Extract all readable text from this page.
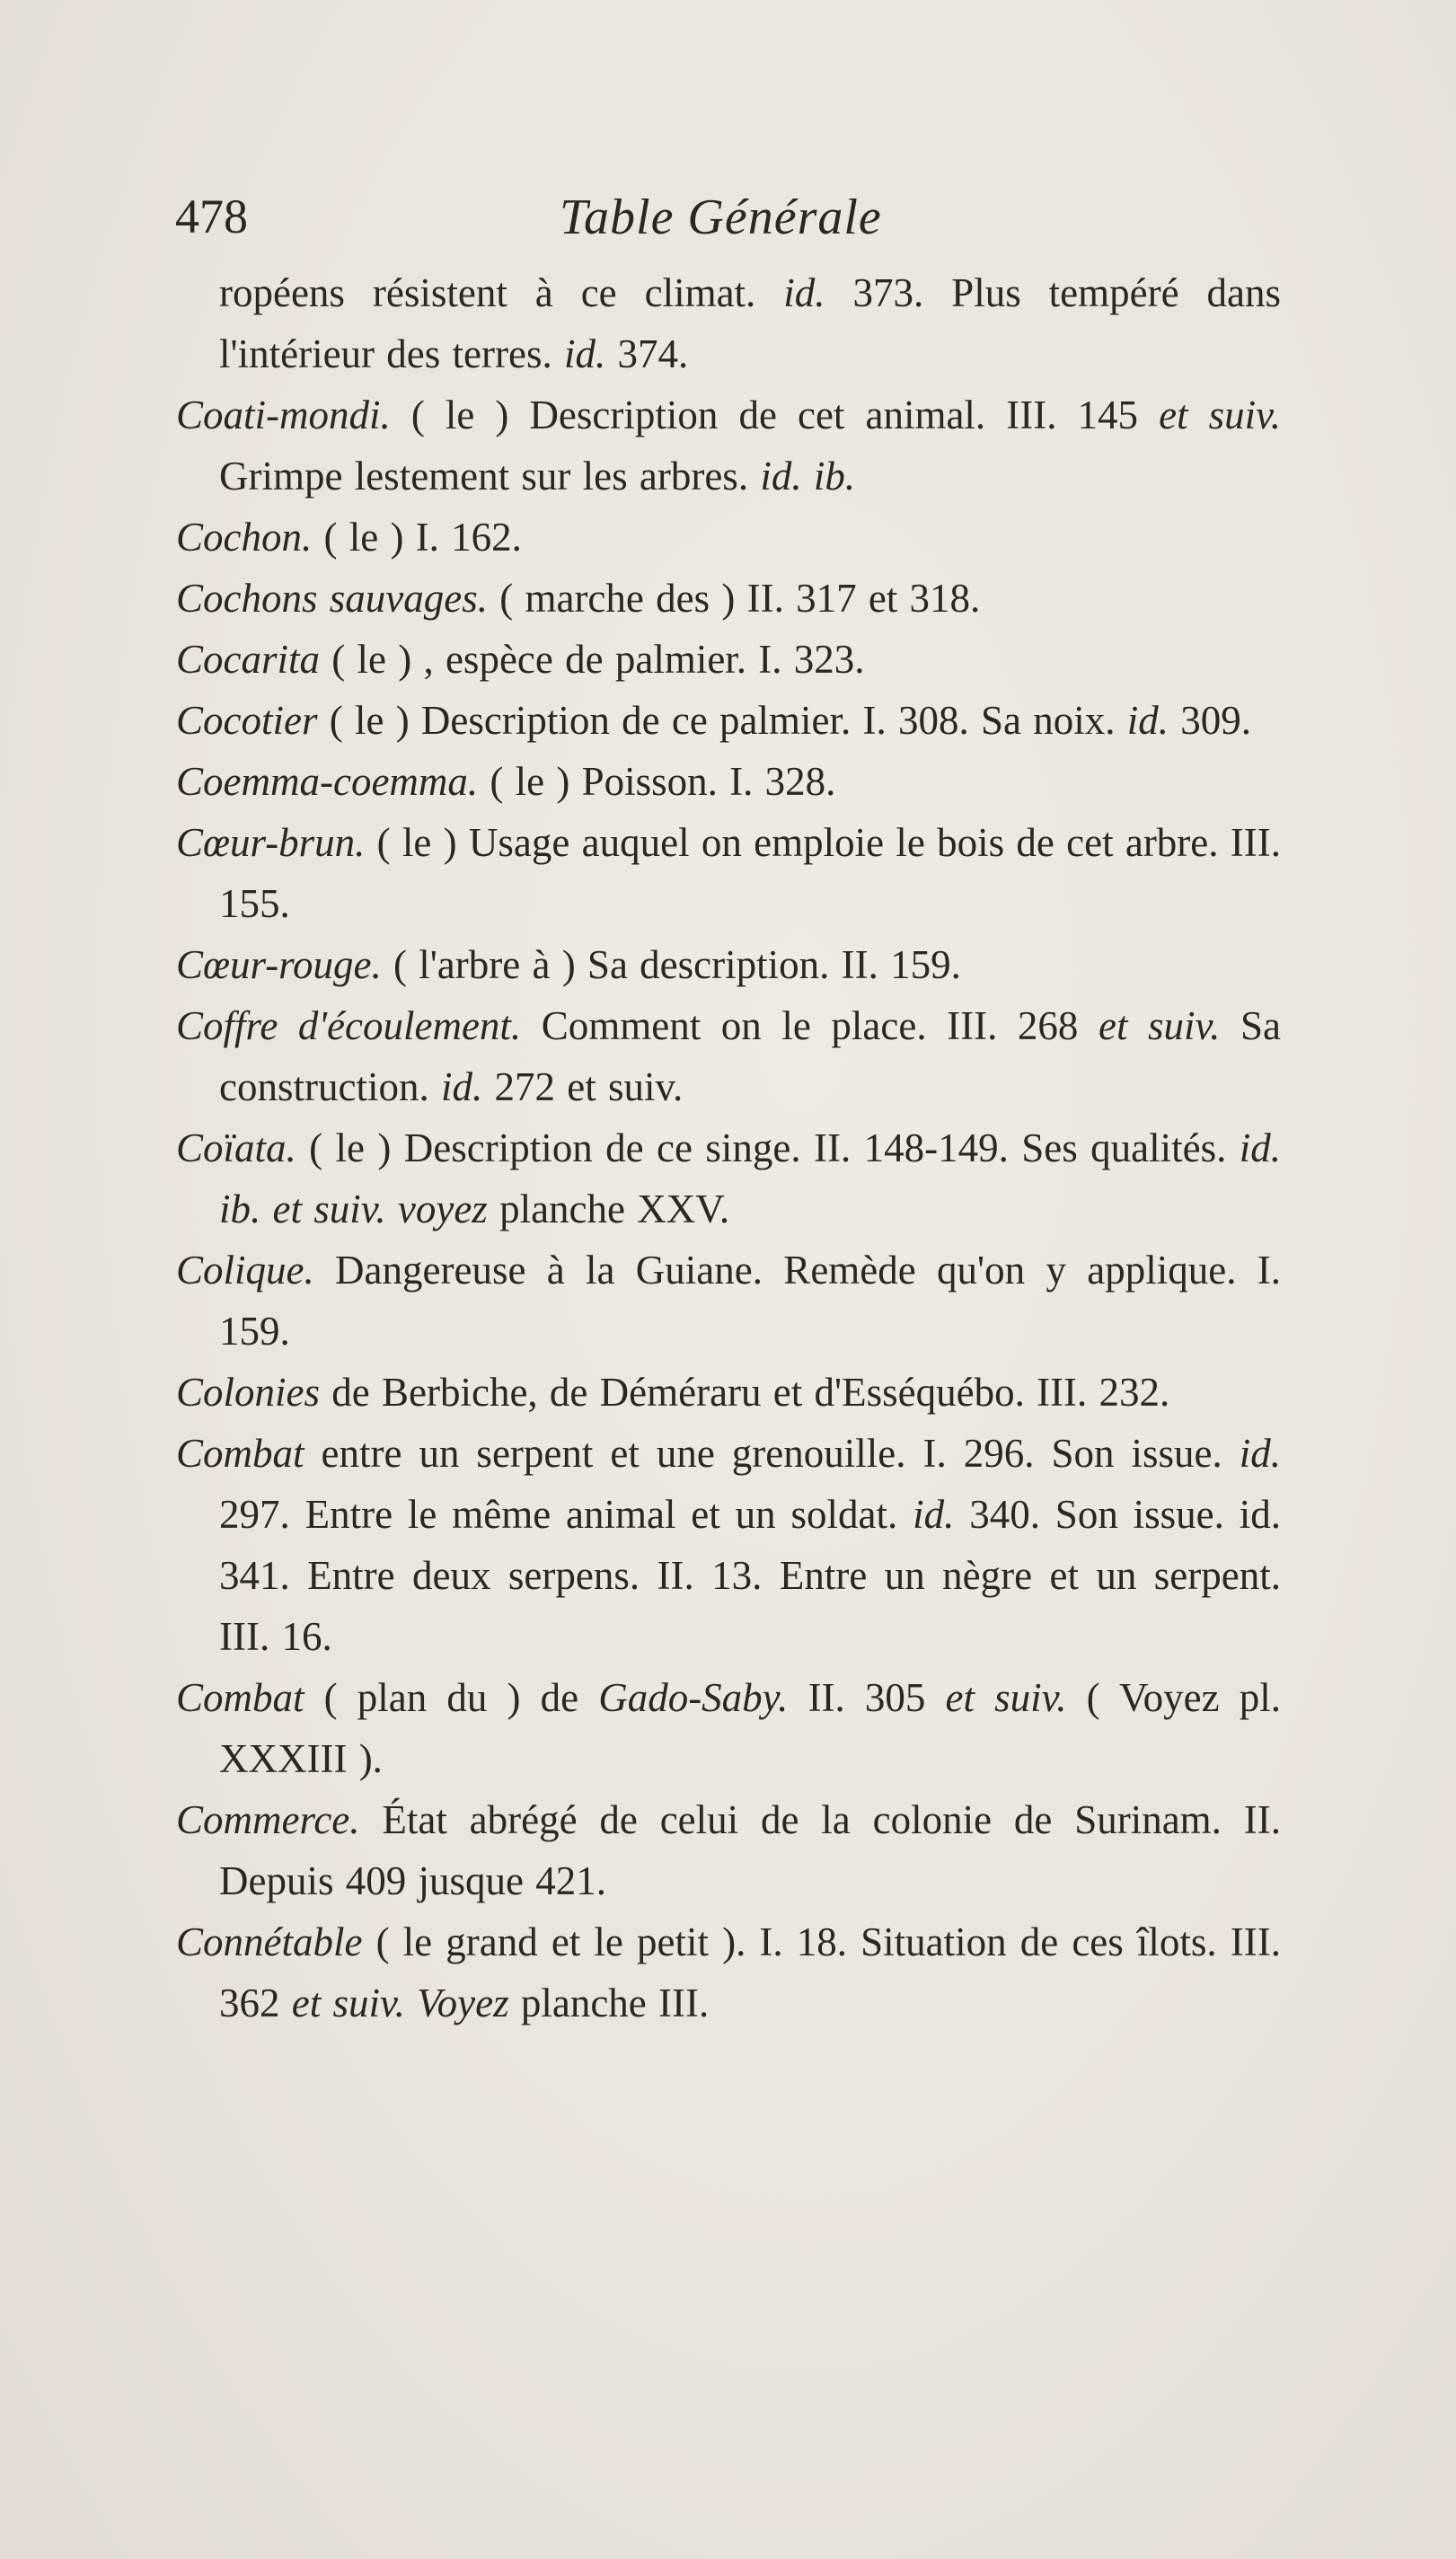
478	Table Générale
ropéens résistent à ce climat. id. 373. Plus tempéré dans l'intérieur des terres. id. 374.
Coati-mondi. ( le ) Description de cet animal. III. 145 et suiv. Grimpe lestement sur les arbres. id. ib.
Cochon. ( le ) I. 162.
Cochons sauvages. ( marche des ) II. 317 et 318.
Cocarita ( le ) , espèce de palmier. I. 323.
Cocotier ( le ) Description de ce palmier. I. 308. Sa noix. id. 309.
Coemma-coemma. ( le ) Poisson. I. 328.
Cœur-brun. ( le ) Usage auquel on emploie le bois de cet arbre. III. 155.
Cœur-rouge. ( l'arbre à ) Sa description. II. 159.
Coffre d'écoulement. Comment on le place. III. 268 et suiv. Sa construction. id. 272 et suiv.
Coïata. ( le ) Description de ce singe. II. 148-149. Ses qualités. id. ib. et suiv. voyez planche XXV.
Colique. Dangereuse à la Guiane. Remède qu'on y applique. I. 159.
Colonies de Berbiche, de Déméraru et d'Esséquébo. III. 232.
Combat entre un serpent et une grenouille. I. 296. Son issue. id. 297. Entre le même animal et un soldat. id. 340. Son issue. id. 341. Entre deux serpens. II. 13. Entre un nègre et un serpent. III. 16.
Combat ( plan du ) de Gado-Saby. II. 305 et suiv. ( Voyez pl. XXXIII ).
Commerce. État abrégé de celui de la colonie de Surinam. II. Depuis 409 jusque 421.
Connétable ( le grand et le petit ). I. 18. Situation de ces îlots. III. 362 et suiv. Voyez planche III.
